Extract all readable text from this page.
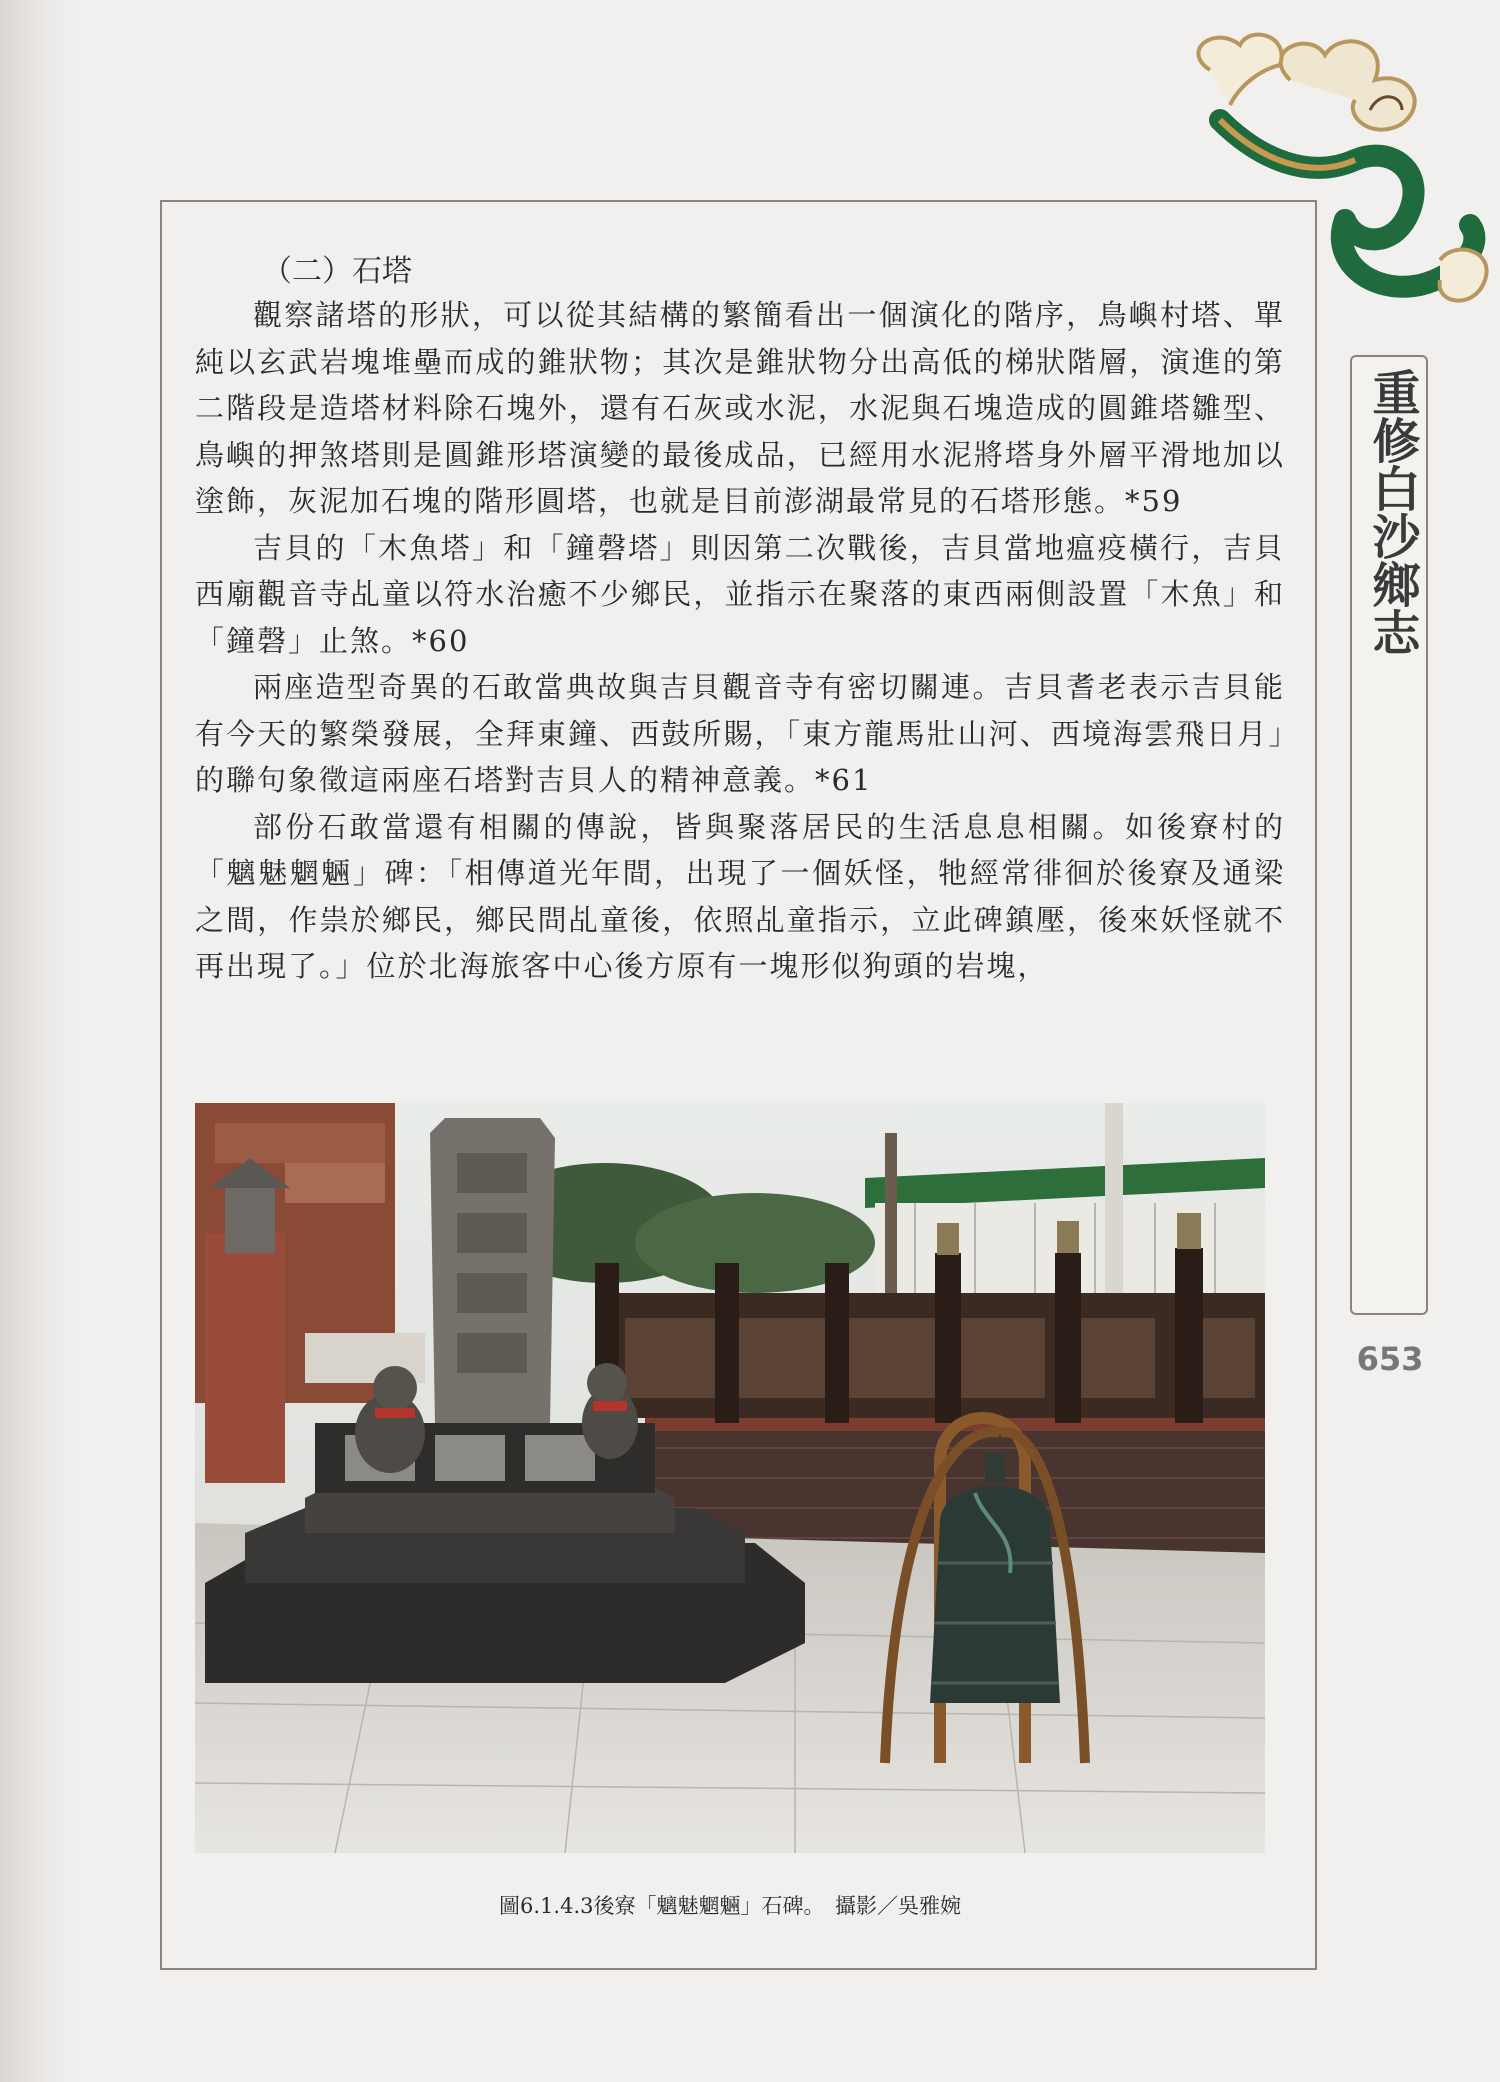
重修白沙鄉志
653
（二）石塔

觀察諸塔的形狀，可以從其結構的繁簡看出一個演化的階序，鳥嶼村塔、單純以玄武岩塊堆壘而成的錐狀物；其次是錐狀物分出高低的梯狀階層，演進的第二階段是造塔材料除石塊外，還有石灰或水泥，水泥與石塊造成的圓錐塔雛型、鳥嶼的押煞塔則是圓錐形塔演變的最後成品，已經用水泥將塔身外層平滑地加以塗飾，灰泥加石塊的階形圓塔，也就是目前澎湖最常見的石塔形態。*59

吉貝的「木魚塔」和「鐘磬塔」則因第二次戰後，吉貝當地瘟疫橫行，吉貝西廟觀音寺乩童以符水治癒不少鄉民，並指示在聚落的東西兩側設置「木魚」和「鐘磬」止煞。*60

兩座造型奇異的石敢當典故與吉貝觀音寺有密切關連。吉貝耆老表示吉貝能有今天的繁榮發展，全拜東鐘、西鼓所賜，「東方龍馬壯山河、西境海雲飛日月」的聯句象徵這兩座石塔對吉貝人的精神意義。*61

部份石敢當還有相關的傳說，皆與聚落居民的生活息息相關。如後寮村的「魑魅魍魎」碑：「相傳道光年間，出現了一個妖怪，牠經常徘徊於後寮及通梁之間，作祟於鄉民，鄉民問乩童後，依照乩童指示，立此碑鎮壓，後來妖怪就不再出現了。」位於北海旅客中心後方原有一塊形似狗頭的岩塊，

圖6.1.4.3後寮「魑魅魍魎」石碑。　攝影／吳雅婉
